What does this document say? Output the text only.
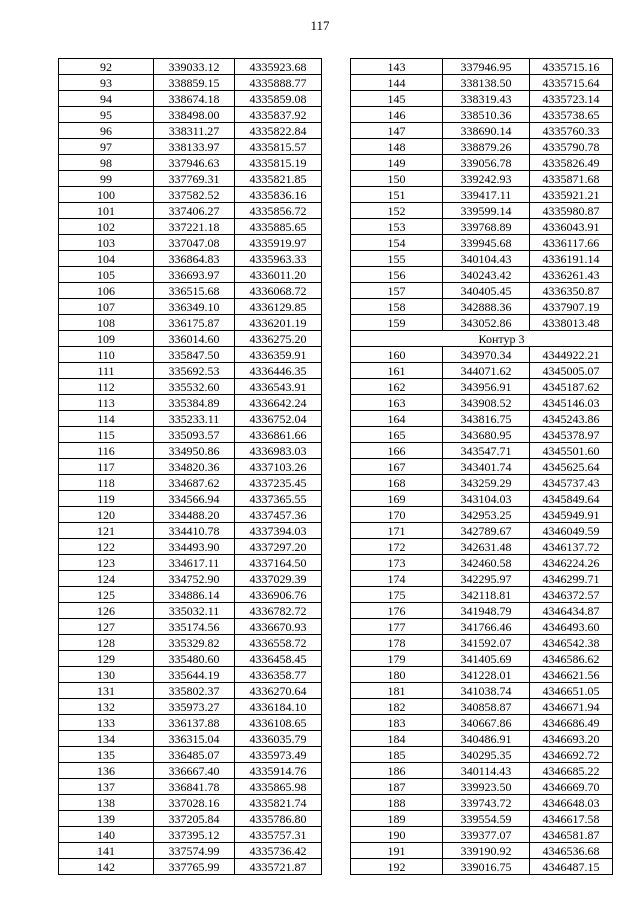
117
92	339033.12	4335923.68
93	338859.15	4335888.77
94	338674.18	4335859.08
95	338498.00	4335837.92
96	338311.27	4335822.84
97	338133.97	4335815.57
98	337946.63	4335815.19
99	337769.31	4335821.85
100	337582.52	4335836.16
101	337406.27	4335856.72
102	337221.18	4335885.65
103	337047.08	4335919.97
104	336864.83	4335963.33
105	336693.97	4336011.20
106	336515.68	4336068.72
107	336349.10	4336129.85
108	336175.87	4336201.19
109	336014.60	4336275.20
110	335847.50	4336359.91
111	335692.53	4336446.35
112	335532.60	4336543.91
113	335384.89	4336642.24
114	335233.11	4336752.04
115	335093.57	4336861.66
116	334950.86	4336983.03
117	334820.36	4337103.26
118	334687.62	4337235.45
119	334566.94	4337365.55
120	334488.20	4337457.36
121	334410.78	4337394.03
122	334493.90	4337297.20
123	334617.11	4337164.50
124	334752.90	4337029.39
125	334886.14	4336906.76
126	335032.11	4336782.72
127	335174.56	4336670.93
128	335329.82	4336558.72
129	335480.60	4336458.45
130	335644.19	4336358.77
131	335802.37	4336270.64
132	335973.27	4336184.10
133	336137.88	4336108.65
134	336315.04	4336035.79
135	336485.07	4335973.49
136	336667.40	4335914.76
137	336841.78	4335865.98
138	337028.16	4335821.74
139	337205.84	4335786.80
140	337395.12	4335757.31
141	337574.99	4335736.42
142	337765.99	4335721.87
143	337946.95	4335715.16
144	338138.50	4335715.64
145	338319.43	4335723.14
146	338510.36	4335738.65
147	338690.14	4335760.33
148	338879.26	4335790.78
149	339056.78	4335826.49
150	339242.93	4335871.68
151	339417.11	4335921.21
152	339599.14	4335980.87
153	339768.89	4336043.91
154	339945.68	4336117.66
155	340104.43	4336191.14
156	340243.42	4336261.43
157	340405.45	4336350.87
158	342888.36	4337907.19
159	343052.86	4338013.48
Контур 3		
160	343970.34	4344922.21
161	344071.62	4345005.07
162	343956.91	4345187.62
163	343908.52	4345146.03
164	343816.75	4345243.86
165	343680.95	4345378.97
166	343547.71	4345501.60
167	343401.74	4345625.64
168	343259.29	4345737.43
169	343104.03	4345849.64
170	342953.25	4345949.91
171	342789.67	4346049.59
172	342631.48	4346137.72
173	342460.58	4346224.26
174	342295.97	4346299.71
175	342118.81	4346372.57
176	341948.79	4346434.87
177	341766.46	4346493.60
178	341592.07	4346542.38
179	341405.69	4346586.62
180	341228.01	4346621.56
181	341038.74	4346651.05
182	340858.87	4346671.94
183	340667.86	4346686.49
184	340486.91	4346693.20
185	340295.35	4346692.72
186	340114.43	4346685.22
187	339923.50	4346669.70
188	339743.72	4346648.03
189	339554.59	4346617.58
190	339377.07	4346581.87
191	339190.92	4346536.68
192	339016.75	4346487.15
